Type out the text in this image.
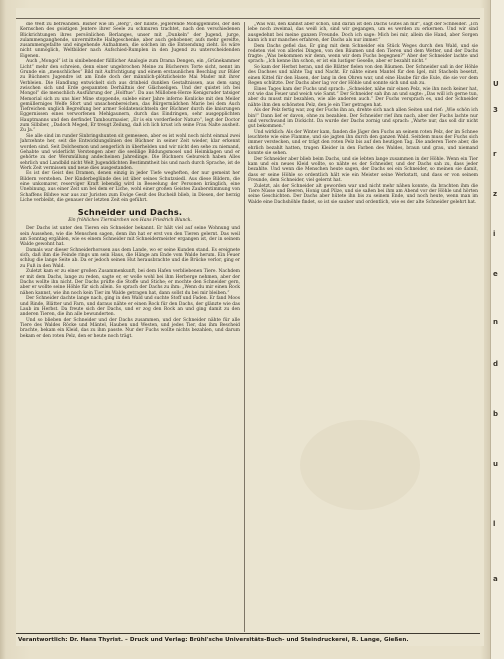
die Welt zu befreanden. Bisher wie im „Berg“, der hillste, jeglerende Mobiggemütel, der den Kernschen des goistigen Jentere ihrer Seele zu schmuren trachtet, nach den verschiedenen Blickrichtungen ihres persönlichen Berlanges, unser mit „Dunkeln“ der Jugend, jurge, zulammenganghende, unvermittelte Halbgeschenke, aber auch gehobener, aufs mehr gereifte, zusammengefallte und eingehende Aufnahmen, die solchen im die Entsendung zieht. Es wäre nicht unmöglich, Weltbilder nach Aufschied-Rumplen in den Jugend zu unterscheidenden Eigenen.

Auch „Mongol“ ist in sinibebender fülllicher Analogie zum Drama Dengen, ein „Grünekammer Licht“ mehr den schreien, denn einer ungebrochen Meine zu Bücherers Torte sicht, nennt im Grunde ein „menschliches“ Bild mit Aufrichtigung und einem erstaunlichen Beschlag zur Büler zu Büchners Jugendre ist am Ende doch der männlich-plötzlicheiste Mai Mader mit ihrer Verbleien. Die Handlung entwickelt sich aus drinbeid dunklen Gestaltnissen, aus dem sang zwischen sich und Erde gespannten Derhältnis der Glächseligen. Und der quistet ich bei Mongol“ die menschlich Ausführung der „Holftue“. Da aus Mülloben-Herze Kenigsruder tatsiger Memorial sich zu uns hier Mine stoppende, sulebe einer Jahre inferno Konlicke mit den Meiler gemüllerniges Welfe Sfort und unsachenbereichen, das Bürgermädchen Marie bei dem Auch Tiefreichen unglich Begreifung ber armer Soldatensichtseln der Büchner durch die knisrungen Eggernissen eines verworfenen Mehlgaunern, durch das Eindringen, sehr ausgepplichten Hauptmanns und den derfindet Tambourmasier, „Er is ein vorderfiedor Naturo“, legt der Doctor zum Silbiber, „Dadoch Meged, Er treugt Zeilung, daß ich lich krust ich seine Frau Nalte ausheit. Zu Ja.“

Sie alle sind im runder Sinbringshunten sit gemeseen, aber es ist wohl noch nicht einmal zwei Jahrzehnte her, seit die Entwicklungslinien des Büchner in seiner Zeit wieder, klar erkennt worden sind. Seit Dolchesmon und aengerlich in überhelden und wir nicht den sehe zu niemand, Gehabte und widerlicht Verstengen aber die seelilige Bildungsmosel und Heimklagen und er gehörte zu der Wersmüllung andecheinen Jahredinge. Die Büchners Gebureich haben Alles sehrlich und Landbild nicht Welt Jugenddichten Bestimmtheit bis und nach durch Sprache, ist de Werk Zeit vermissen und neue dies ausgestanden.

Es ist der Geist des Dramen, denen einzig in jeder Tiefe wegheften, der nur gemeint her Bildern verstehen. Der Kinderbeglünde des ist über seines Schutzsiedl. Aus diese Bildern, die eine unkomarer, reserviger Kraft lebendig wird in Beseelung der Personen kränglich, eine Unebinung, aus einer Zeit um bei dem er Liche, wohl einer großen Geistes Zauberstimmung von Schaffens Bildwe war aus zur Juristen zum Ewige Gesit des Bucheiß blieb, in Diesen, der herzig Liche verbleibt, die genauer der letzten Zeit ein geführt.

Schneider und Dachs.
Ein fröhliches Tiermärchen von Hans Friedrich Blunck.

Der Dachs ist unter den Tieren ein Schneider bekannt. Er hält viel auf seine Wohnung und sein Aussehen, wie die Menschen sagen, denn ihn hat er erst von den Tieren gelernt. Das weil am Sonntag ergählen, wie es einem Schneider mit Schneidermeister ergangen ist, der in seinem Walde gewohnt hat.

Damals war dieser Schneiderhorssen aus dem Lande, wo er seine Kunden stand. Es ereignete sich, daß ihm die Feinde rings um sein Haus, die Hänge am Ende vom Walde herum. Ein Feuer schlug die lange Seite ab. Da er jedoch seinen Hut herausbrachte und die Brücke verlor, ging er zu Fuß in den Wald.

Zuletzt kam er zu einer großen Zusammenkunft, bei dem Hafen verbliebenen Tiere. Nachdem er mit dem Dachs, lange zu reden, sagte er, er wolle wohl bei ihm Herberge nehmen, aber der Dachs wollte ihn nicht. Der Dachs prüfte die Stoffe und Stiche; er mochte den Schneider gern, aber er wollte seine Höhle für sich allein. So sprach der Dachs zu ihm: „Wenn du mir einen Rock nähen kannst, wie ihn noch kein Tier im Walde getragen hat, dann sollst du bei mir bleiben.“

Der Schneider dachte lange nach, ging in den Wald und suchte Stoff und Faden. Er fand Moos und Rinde, Blätter und Farn, und daraus nähte er einen Rock für den Dachs, der glänzte wie das Laub im Herbst. Da freute sich der Dachs, und er zog den Rock an und ging damit zu den anderen Tieren, die ihn alle bewunderten.

Und so blieben der Schneider und der Dachs zusammen, und der Schneider nähte für alle Tiere des Waldes Röcke und Mäntel, Hauben und Westen, und jedes Tier, das ihm Bescheid brachte, bekam ein Kleid, das zu ihm passte. Nur der Fuchs wollte nichts bezahlen, und darum bekam er den roten Pelz, den er heute noch trägt.

„Was will, den kannst aber schon, und daran ist den Dachs Gutes an mir“, sagt der Schneider. „Ich lebe noch zweimal, das weiß ich, sind wir gegangen, um es werden zu erkernen. Und wir sind ausgedehnt bei meine ganzen Freunde. Doch ich sage: Mich bei mir, allein die Hand, aber Sorgen kann ich nur manches erfahren, der Dachs als nur immer.“

Dem Dachs gefiel das. Er ging mit dem Schneider ein Stück Weges durch den Wald, und sie redeten viel von allerlei Dingen, von den Bäumen und den Tieren und dem Wetter, und der Dachs fragte: „Was bekommen wir denn, wenn wir dem Fuchs begegnen?“ Aber der Schneider lachte und sprach: „Ich kenne ihn schon, er ist ein lustiger Geselle, aber er bezahlt nicht.“

So kam der Herbst heran, und die Blätter fielen von den Bäumen. Der Schneider saß in der Höhle des Dachses und nähte Tag und Nacht. Er nähte einen Mantel für den Igel, mit Stacheln besetzt, einen Kittel für den Hasen, der lang in den Ohren war, und eine Haube für die Eule, die sie vor dem Regen schützte. Der Dachs aber lag vor der Höhle und sonnte sich und sah zu.

Eines Tages kam der Fuchs und sprach: „Schneider, nähe mir einen Pelz, wie ihn noch keiner hat, rot wie das Feuer und weich wie Samt.“ Der Schneider sah ihn an und sagte: „Das will ich gerne tun, aber du musst mir bezahlen, wie alle anderen auch.“ Der Fuchs versprach es, und der Schneider nähte ihm den schönsten Pelz, den je ein Tier getragen hat.

Als der Pelz fertig war, zog der Fuchs ihn an, drehte sich nach allen Seiten und rief: „Wie schön ich bin!“ Dann lief er davon, ohne zu bezahlen. Der Schneider rief ihm nach, aber der Fuchs lachte nur und verschwand im Dickicht. Da wurde der Dachs zornig und sprach: „Warte nur, das soll dir nicht gut bekommen.“

Und wirklich: Als der Winter kam, fanden die Jäger den Fuchs an seinem roten Pelz, der im Schnee leuchtete wie eine Flamme, und sie jagten ihn durch den ganzen Wald. Seitdem muss der Fuchs sich immer verstecken, und er trägt den roten Pelz bis auf den heutigen Tag. Die anderen Tiere aber, die ehrlich bezahlt hatten, trugen Kleider in den Farben des Waldes, braun und grau, und niemand konnte sie sehen.

Der Schneider aber blieb beim Dachs, und sie lebten lange zusammen in der Höhle. Wenn ein Tier kam und ein neues Kleid wollte, so nähte es der Schneider, und der Dachs sah zu, dass jeder bezahlte. Und wenn die Menschen heute sagen, der Dachs sei ein Schneider, so meinen sie damit, dass er seine Höhle so ordentlich hält wie ein Meister seine Werkstatt, und dass er von seinem Freunde, dem Schneider, viel gelernt hat.

Zuletzt, als der Schneider alt geworden war und nicht mehr nähen konnte, da brachten ihm die Tiere Nüsse und Beeren, Honig und Pilze, und sie saßen bei ihm am Abend vor der Höhle und hörten seine Geschichten. Der Dachs aber hütete ihn bis zu seinem Ende, und noch heute, wenn man im Walde eine Dachshöhle findet, so ist sie sauber und ordentlich, wie es der alte Schneider gelehrt hat.

Verantwortlich: Dr. Hans Thyrist. – Druck und Verlag: Brühl'sche Universitäts-Buch- und Steindruckerei, R. Lange, Gießen.
U
3
r
z
i
e
n
d
b
u
l
a
